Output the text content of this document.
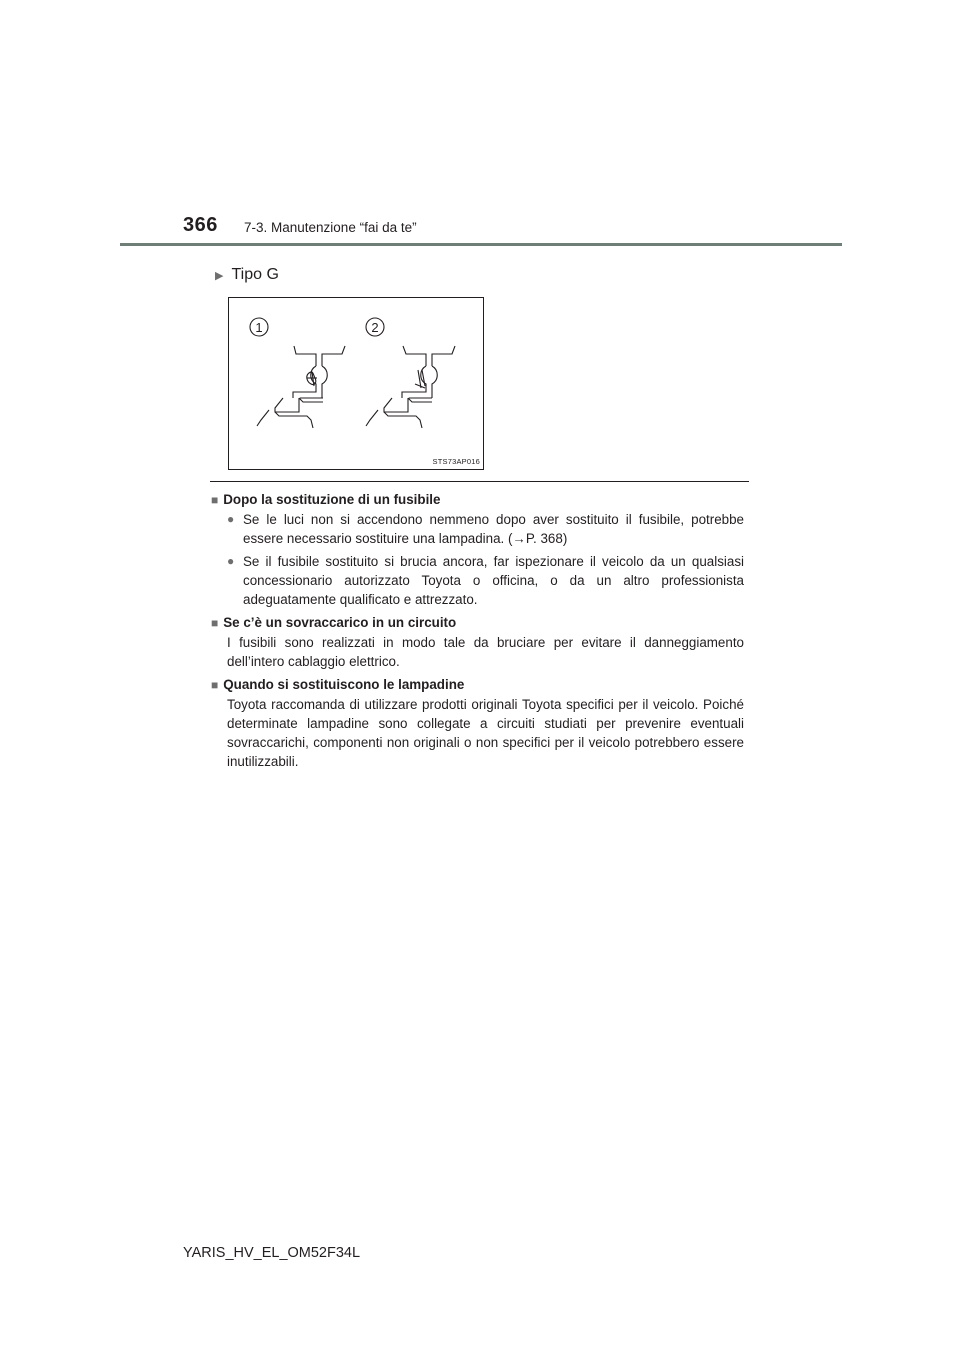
366 7-3. Manutenzione “fai da te”
▶ Tipo G
1	2
STS73AP016
■ Dopo la sostituzione di un fusibile
● Se le luci non si accendono nemmeno dopo aver sostituito il fusibile, potrebbe essere necessario sostituire una lampadina. (→P. 368)
● Se il fusibile sostituito si brucia ancora, far ispezionare il veicolo da un qualsiasi concessionario autorizzato Toyota o officina, o da un altro professionista adeguatamente qualificato e attrezzato.
■ Se c’è un sovraccarico in un circuito
I fusibili sono realizzati in modo tale da bruciare per evitare il danneggiamento dell’intero cablaggio elettrico.
■ Quando si sostituiscono le lampadine
Toyota raccomanda di utilizzare prodotti originali Toyota specifici per il veicolo. Poiché determinate lampadine sono collegate a circuiti studiati per prevenire eventuali sovraccarichi, componenti non originali o non specifici per il veicolo potrebbero essere inutilizzabili.
YARIS_HV_EL_OM52F34L
